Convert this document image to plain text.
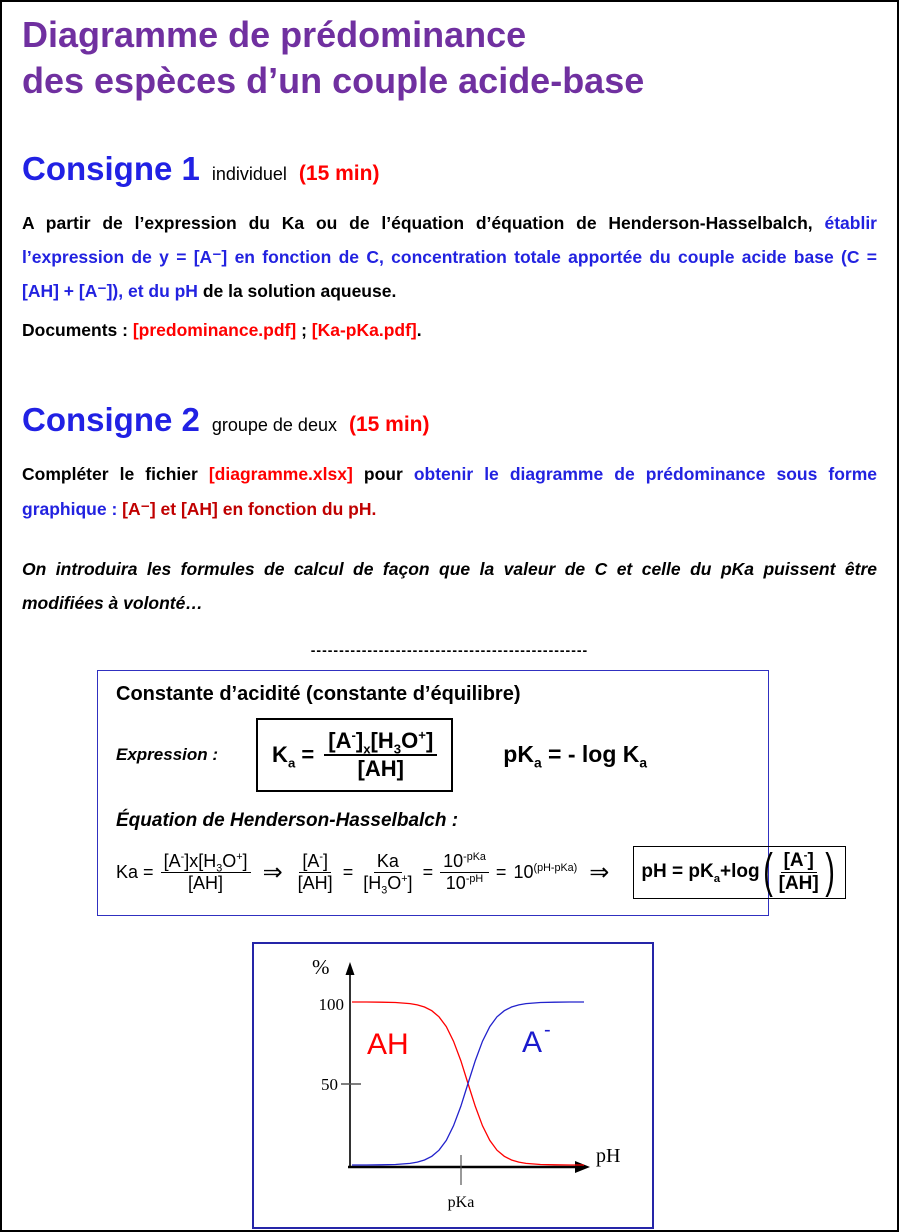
Diagramme de prédominance
des espèces d’un couple acide-base
Consigne 1 individuel (15 min)
A partir de l’expression du Ka ou de l’équation d’équation de Henderson-Hasselbalch, établir l’expression de y = [A⁻] en fonction de C, concentration totale apportée du couple acide base (C = [AH] + [A⁻]), et du pH de la solution aqueuse.
Documents : [predominance.pdf] ; [Ka-pKa.pdf].
Consigne 2 groupe de deux (15 min)
Compléter le fichier [diagramme.xlsx] pour obtenir le diagramme de prédominance sous forme graphique : [A⁻] et [AH] en fonction du pH.
On introduira les formules de calcul de façon que la valeur de C et celle du pKa puissent être modifiées à volonté…
-------------------------------------------------
Constante d’acidité (constante d’équilibre)
Expression : $K_a = \frac{[A^-]_x[H_3O^+]}{[AH]}$	$pK_a$ = - $\log K_a$
Équation de Henderson-Hasselbalch :
$Ka = \frac{[A^-]x[H_3O^+]}{[AH]}$ ⇒ $\frac{[A^-]}{[AH]} = \frac{Ka}{[H_3O^+]} = \frac{10^{-pKa}}{10^{-pH}} = 10^{(pH-pKa)}$ ⇒ pH = $pK_a+\log$ ( $\frac{[A^-]}{[AH]}$ )
%
100
50
pH
pKa
AH	A -
